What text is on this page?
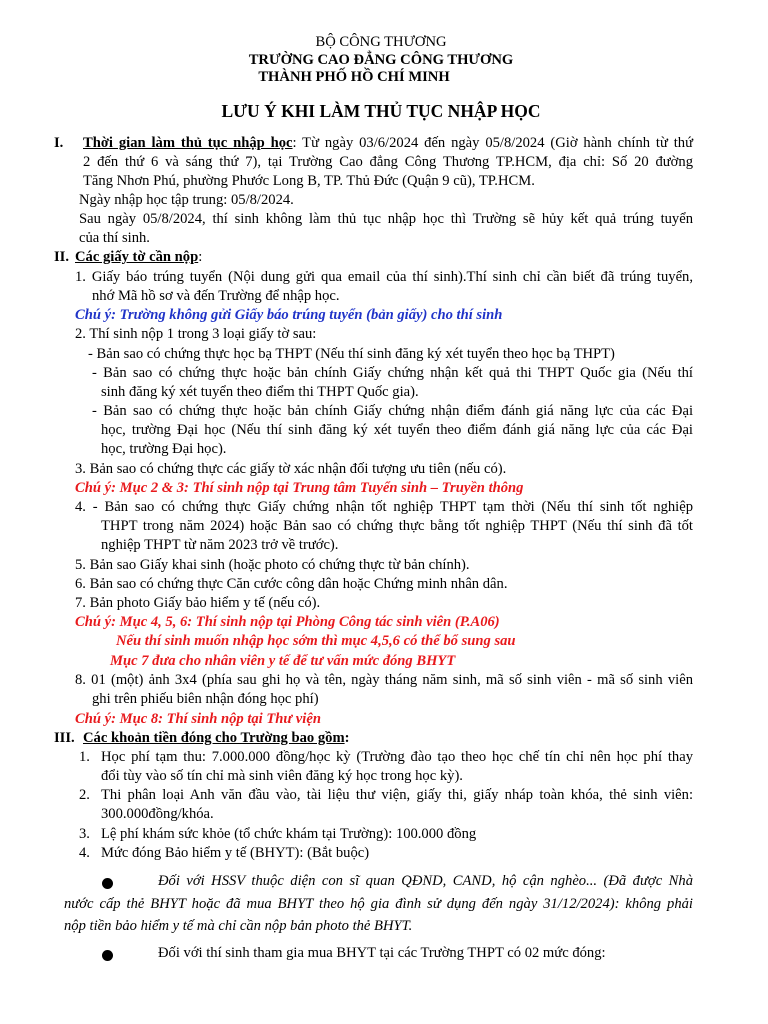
BỘ CÔNG THƯƠNG
TRƯỜNG CAO ĐẲNG CÔNG THƯƠNG
THÀNH PHỐ HỒ CHÍ MINH
LƯU Ý KHI LÀM THỦ TỤC NHẬP HỌC
I. Thời gian làm thủ tục nhập học: Từ ngày 03/6/2024 đến ngày 05/8/2024 (Giờ hành chính từ thứ
2 đến thứ 6 và sáng thứ 7), tại Trường Cao đẳng Công Thương TP.HCM, địa chỉ: Số 20 đường
Tăng Nhơn Phú, phường Phước Long B, TP. Thủ Đức (Quận 9 cũ), TP.HCM.
Ngày nhập học tập trung: 05/8/2024.
Sau ngày 05/8/2024, thí sinh không làm thủ tục nhập học thì Trường sẽ hủy kết quả trúng tuyển
của thí sinh.
II. Các giấy tờ cần nộp:
1. Giấy báo trúng tuyển (Nội dung gửi qua email của thí sinh).Thí sinh chỉ cần biết đã trúng tuyển,
nhớ Mã hồ sơ và đến Trường để nhập học.
Chú ý: Trường không gửi Giấy báo trúng tuyển (bản giấy) cho thí sinh
2. Thí sinh nộp 1 trong 3 loại giấy tờ sau:
- Bản sao có chứng thực học bạ THPT (Nếu thí sinh đăng ký xét tuyển theo học bạ THPT)
- Bản sao có chứng thực hoặc bản chính Giấy chứng nhận kết quả thi THPT Quốc gia (Nếu thí
sinh đăng ký xét tuyển theo điểm thi THPT Quốc gia).
- Bản sao có chứng thực hoặc bản chính Giấy chứng nhận điểm đánh giá năng lực của các Đại
học, trường Đại học (Nếu thí sinh đăng ký xét tuyển theo điểm đánh giá năng lực của các Đại
học, trường Đại học).
3. Bản sao có chứng thực các giấy tờ xác nhận đối tượng ưu tiên (nếu có).
Chú ý: Mục 2 & 3: Thí sinh nộp tại Trung tâm Tuyển sinh – Truyền thông
4. - Bản sao có chứng thực Giấy chứng nhận tốt nghiệp THPT tạm thời (Nếu thí sinh tốt nghiệp
THPT trong năm 2024) hoặc Bản sao có chứng thực bằng tốt nghiệp THPT (Nếu thí sinh đã tốt
nghiệp THPT từ năm 2023 trở về trước).
5. Bản sao Giấy khai sinh (hoặc photo có chứng thực từ bản chính).
6. Bản sao có chứng thực Căn cước công dân hoặc Chứng minh nhân dân.
7. Bản photo Giấy bảo hiểm y tế (nếu có).
Chú ý: Mục 4, 5, 6: Thí sinh nộp tại Phòng Công tác sinh viên (P.A06)
Nếu thí sinh muốn nhập học sớm thì mục 4,5,6 có thể bổ sung sau
Mục 7 đưa cho nhân viên y tế để tư vấn mức đóng BHYT
8. 01 (một) ảnh 3x4 (phía sau ghi họ và tên, ngày tháng năm sinh, mã số sinh viên - mã số sinh viên
ghi trên phiếu biên nhận đóng học phí)
Chú ý: Mục 8: Thí sinh nộp tại Thư viện
III. Các khoản tiền đóng cho Trường bao gồm:
1. Học phí tạm thu: 7.000.000 đồng/học kỳ (Trường đào tạo theo học chế tín chỉ nên học phí thay
đổi tùy vào số tín chỉ mà sinh viên đăng ký học trong học kỳ).
2. Thi phân loại Anh văn đầu vào, tài liệu thư viện, giấy thi, giấy nháp toàn khóa, thẻ sinh viên:
300.000đồng/khóa.
3. Lệ phí khám sức khỏe (tổ chức khám tại Trường): 100.000 đồng
4. Mức đóng Bảo hiểm y tế (BHYT): (Bắt buộc)
Đối với HSSV thuộc diện con sĩ quan QĐND, CAND, hộ cận nghèo... (Đã được Nhà
nước cấp thẻ BHYT hoặc đã mua BHYT theo hộ gia đình sử dụng đến ngày 31/12/2024): không phải
nộp tiền bảo hiểm y tế mà chỉ cần nộp bản photo thẻ BHYT.
Đối với thí sinh tham gia mua BHYT tại các Trường THPT có 02 mức đóng:
